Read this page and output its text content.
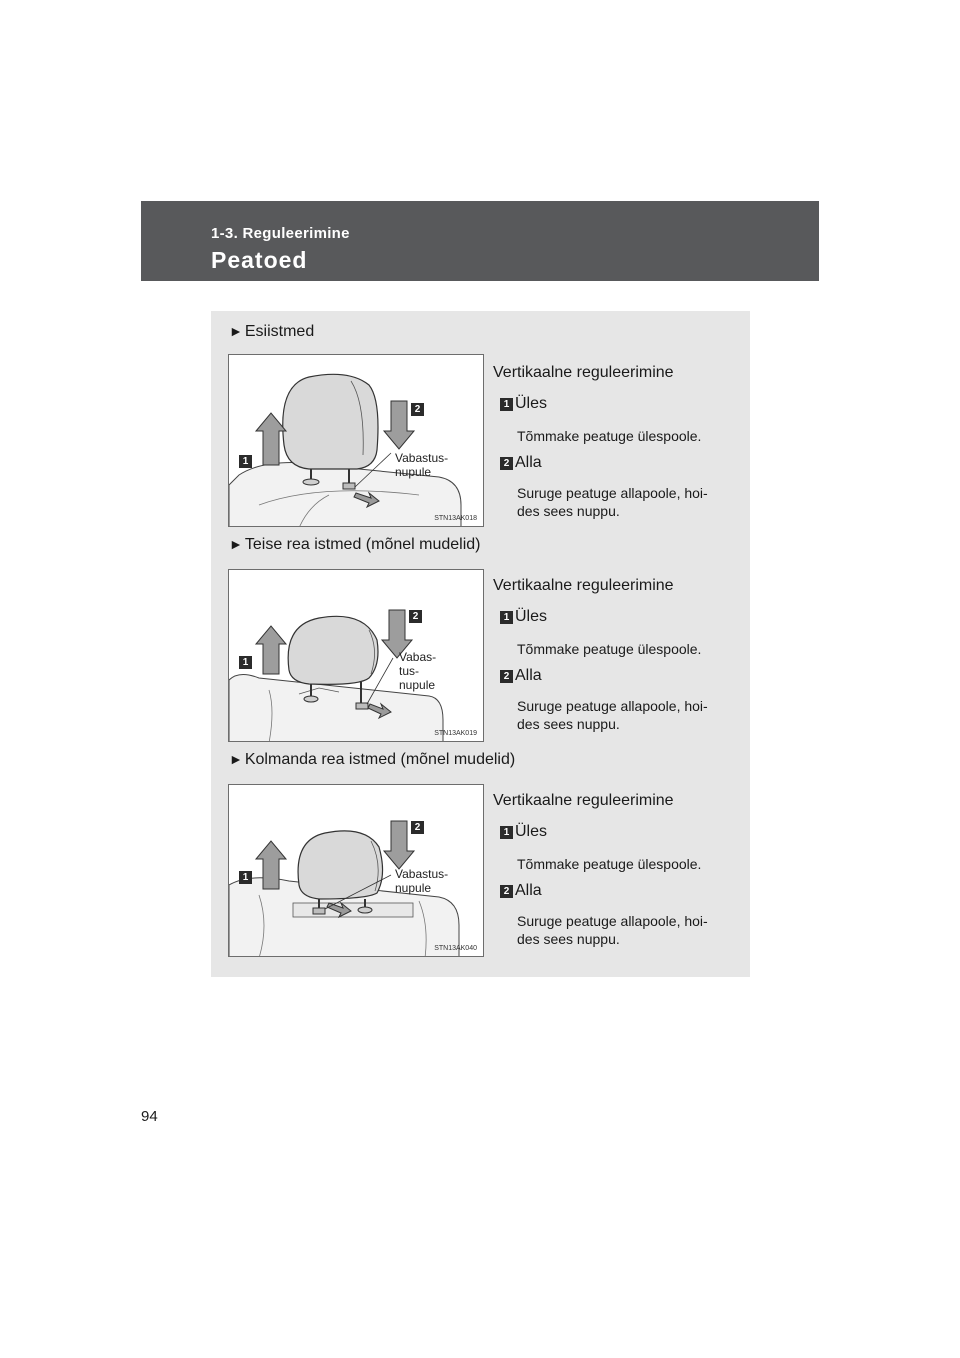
1-3. Reguleerimine
Peatoed
► Esiistmed
1
2
Vabastus-
nupule
STN13AK018
Vertikaalne reguleerimine
1 Üles
Tõmmake peatuge ülespoole.
2 Alla
Suruge peatuge allapoole, hoi-
des sees nuppu.
► Teise rea istmed (mõnel mudelid)
1
2
Vabas-
tus-
nupule
STN13AK019
Vertikaalne reguleerimine
1 Üles
Tõmmake peatuge ülespoole.
2 Alla
Suruge peatuge allapoole, hoi-
des sees nuppu.
► Kolmanda rea istmed (mõnel mudelid)
1
2
Vabastus-
nupule
STN13AK040
Vertikaalne reguleerimine
1 Üles
Tõmmake peatuge ülespoole.
2 Alla
Suruge peatuge allapoole, hoi-
des sees nuppu.
94
